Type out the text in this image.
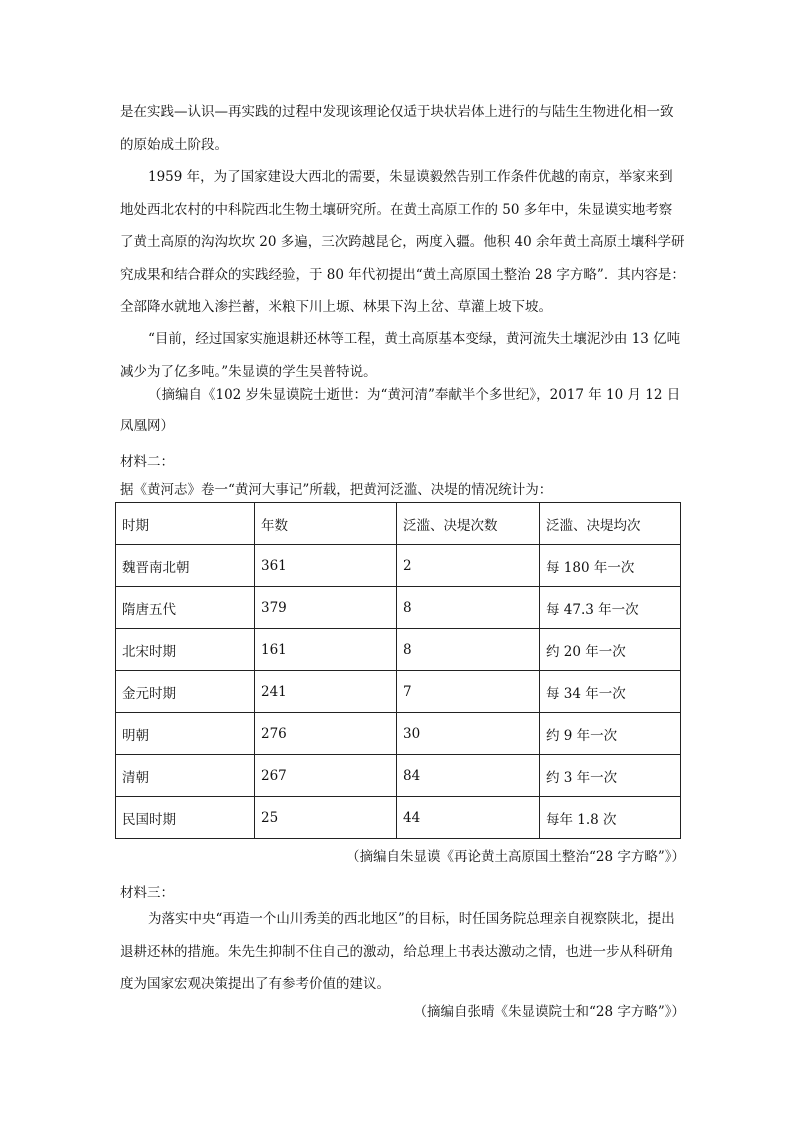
是在实践—认识—再实践的过程中发现该理论仅适于块状岩体上进行的与陆生生物进化相一致的原始成土阶段。

1959 年，为了国家建设大西北的需要，朱显谟毅然告别工作条件优越的南京，举家来到地处西北农村的中科院西北生物土壤研究所。在黄土高原工作的 50 多年中，朱显谟实地考察了黄土高原的沟沟坎坎 20 多遍，三次跨越昆仑，两度入疆。他积 40 余年黄土高原土壤科学研究成果和结合群众的实践经验，于 80 年代初提出“黄土高原国土整治 28 字方略”．其内容是：全部降水就地入渗拦蓄，米粮下川上塬、林果下沟上岔、草灌上坡下坡。

“目前，经过国家实施退耕还林等工程，黄土高原基本变绿，黄河流失土壤泥沙由 13 亿吨减少为了亿多吨。”朱显谟的学生吴普特说。

（摘编自《102 岁朱显谟院士逝世：为“黄河清”奉献半个多世纪》，2017 年 10 月 12 日凤凰网）

材料二：

据《黄河志》卷一“黄河大事记”所载，把黄河泛滥、决堤的情况统计为：

时期	年数	泛滥、决堤次数	泛滥、决堤均次
魏晋南北朝	361	2	每 180 年一次
隋唐五代	379	8	每 47.3 年一次
北宋时期	161	8	约 20 年一次
金元时期	241	7	每 34 年一次
明朝	276	30	约 9 年一次
清朝	267	84	约 3 年一次
民国时期	25	44	每年 1.8 次

（摘编自朱显谟《再论黄土高原国土整治“28 字方略”》）

材料三：

为落实中央“再造一个山川秀美的西北地区”的目标，时任国务院总理亲自视察陕北，提出退耕还林的措施。朱先生抑制不住自己的激动，给总理上书表达激动之情，也进一步从科研角度为国家宏观决策提出了有参考价值的建议。

（摘编自张晴《朱显谟院士和“28 字方略”》）
